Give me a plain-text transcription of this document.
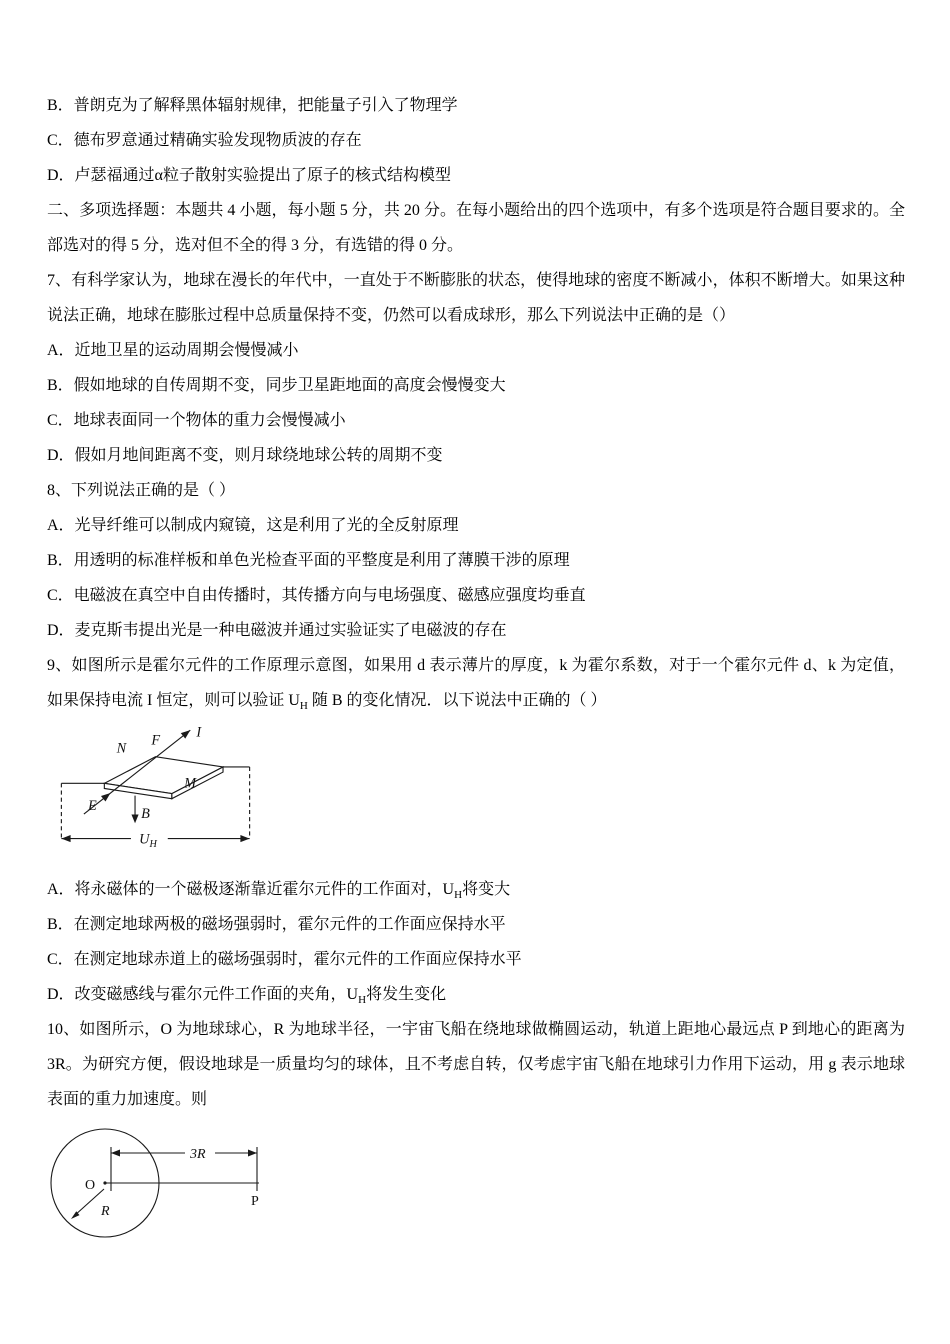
B．普朗克为了解释黑体辐射规律，把能量子引入了物理学

C．德布罗意通过精确实验发现物质波的存在

D．卢瑟福通过α粒子散射实验提出了原子的核式结构模型

二、多项选择题：本题共 4 小题，每小题 5 分，共 20 分。在每小题给出的四个选项中，有多个选项是符合题目要求的。全部选对的得 5 分，选对但不全的得 3 分，有选错的得 0 分。

7、有科学家认为，地球在漫长的年代中，一直处于不断膨胀的状态，使得地球的密度不断减小，体积不断增大。如果这种说法正确，地球在膨胀过程中总质量保持不变，仍然可以看成球形，那么下列说法中正确的是（）

A．近地卫星的运动周期会慢慢减小

B．假如地球的自传周期不变，同步卫星距地面的高度会慢慢变大

C．地球表面同一个物体的重力会慢慢减小

D．假如月地间距离不变，则月球绕地球公转的周期不变

8、下列说法正确的是（ ）

A．光导纤维可以制成内窥镜，这是利用了光的全反射原理

B．用透明的标准样板和单色光检查平面的平整度是利用了薄膜干涉的原理

C．电磁波在真空中自由传播时，其传播方向与电场强度、磁感应强度均垂直

D．麦克斯韦提出光是一种电磁波并通过实验证实了电磁波的存在

9、如图所示是霍尔元件的工作原理示意图，如果用 d 表示薄片的厚度，k 为霍尔系数，对于一个霍尔元件 d、k 为定值，如果保持电流 I 恒定，则可以验证 $U_H$ 随 B 的变化情况．以下说法中正确的（ ）

N
F
I
M
E
B
$U_H$

A．将永磁体的一个磁极逐渐靠近霍尔元件的工作面对，$U_H$将变大

B．在测定地球两极的磁场强弱时，霍尔元件的工作面应保持水平

C．在测定地球赤道上的磁场强弱时，霍尔元件的工作面应保持水平

D．改变磁感线与霍尔元件工作面的夹角，$U_H$将发生变化

10、如图所示，O 为地球球心，R 为地球半径，一宇宙飞船在绕地球做椭圆运动，轨道上距地心最远点 P 到地心的距离为 3R。为研究方便，假设地球是一质量均匀的球体，且不考虑自转，仅考虑宇宙飞船在地球引力作用下运动，用 g 表示地球表面的重力加速度。则

O
3R
P
R
